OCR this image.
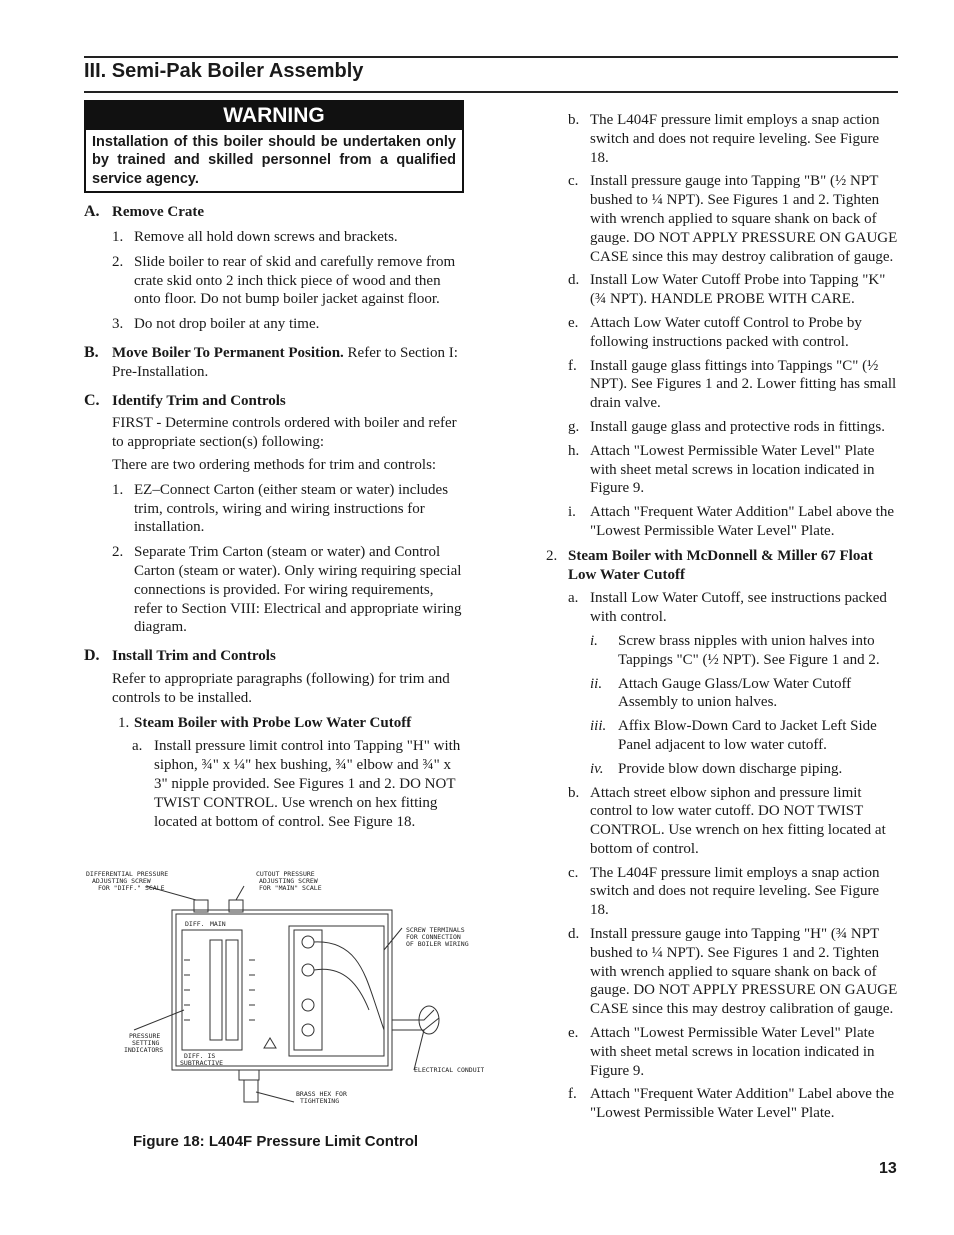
III. Semi-Pak Boiler Assembly
WARNING
Installation of this boiler should be undertaken only by trained and skilled personnel from a qualified service agency.
A. Remove Crate
1. Remove all hold down screws and brackets.
2. Slide boiler to rear of skid and carefully remove from crate skid onto 2 inch thick piece of wood and then onto floor. Do not bump boiler jacket against floor.
3. Do not drop boiler at any time.
B. Move Boiler To Permanent Position. Refer to Section I: Pre-Installation.
C. Identify Trim and Controls
FIRST - Determine controls ordered with boiler and refer to appropriate section(s) following:
There are two ordering methods for trim and controls:
1. EZ–Connect Carton (either steam or water) includes trim, controls, wiring and wiring instructions for installation.
2. Separate Trim Carton (steam or water) and Control Carton (steam or water). Only wiring requiring special connections is provided. For wiring requirements, refer to Section VIII: Electrical and appropriate wiring diagram.
D. Install Trim and Controls
Refer to appropriate paragraphs (following) for trim and controls to be installed.
1. Steam Boiler with Probe Low Water Cutoff
a. Install pressure limit control into Tapping "H" with siphon, ¾" x ¼" hex bushing, ¾" elbow and ¾" x 3" nipple provided. See Figures 1 and 2. DO NOT TWIST CONTROL. Use wrench on hex fitting located at bottom of control. See Figure 18.
DIFFERENTIAL PRESSURE
ADJUSTING SCREW
FOR "DIFF." SCALE
CUTOUT PRESSURE
ADJUSTING SCREW
FOR "MAIN" SCALE
SCREW TERMINALS
FOR CONNECTION
OF BOILER WIRING
PRESSURE
SETTING
INDICATORS
ELECTRICAL CONDUIT
BRASS HEX FOR
TIGHTENING
DIFF. MAIN
DIFF. IS
SUBTRACTIVE
Figure 18: L404F Pressure Limit Control
b. The L404F pressure limit employs a snap action switch and does not require leveling. See Figure 18.
c. Install pressure gauge into Tapping "B" (½ NPT bushed to ¼ NPT). See Figures 1 and 2. Tighten with wrench applied to square shank on back of gauge. DO NOT APPLY PRESSURE ON GAUGE CASE since this may destroy calibration of gauge.
d. Install Low Water Cutoff Probe into Tapping "K" (¾ NPT). HANDLE PROBE WITH CARE.
e. Attach Low Water cutoff Control to Probe by following instructions packed with control.
f. Install gauge glass fittings into Tappings "C" (½ NPT). See Figures 1 and 2. Lower fitting has small drain valve.
g. Install gauge glass and protective rods in fittings.
h. Attach "Lowest Permissible Water Level" Plate with sheet metal screws in location indicated in Figure 9.
i. Attach "Frequent Water Addition" Label above the "Lowest Permissible Water Level" Plate.
2. Steam Boiler with McDonnell & Miller 67 Float Low Water Cutoff
a. Install Low Water Cutoff, see instructions packed with control.
i.	Screw brass nipples with union halves into Tappings "C" (½ NPT). See Figure 1 and 2.
ii.	Attach Gauge Glass/Low Water Cutoff Assembly to union halves.
iii. Affix Blow-Down Card to Jacket Left Side Panel adjacent to low water cutoff.
iv. Provide blow down discharge piping.
b. Attach street elbow siphon and pressure limit control to low water cutoff. DO NOT TWIST CONTROL. Use wrench on hex fitting located at bottom of control.
c. The L404F pressure limit employs a snap action switch and does not require leveling. See Figure 18.
d. Install pressure gauge into Tapping "H" (¾ NPT bushed to ¼ NPT). See Figures 1 and 2. Tighten with wrench applied to square shank on back of gauge. DO NOT APPLY PRESSURE ON GAUGE CASE since this may destroy calibration of gauge.
e. Attach "Lowest Permissible Water Level" Plate with sheet metal screws in location indicated in Figure 9.
f. Attach "Frequent Water Addition" Label above the "Lowest Permissible Water Level" Plate.
13
